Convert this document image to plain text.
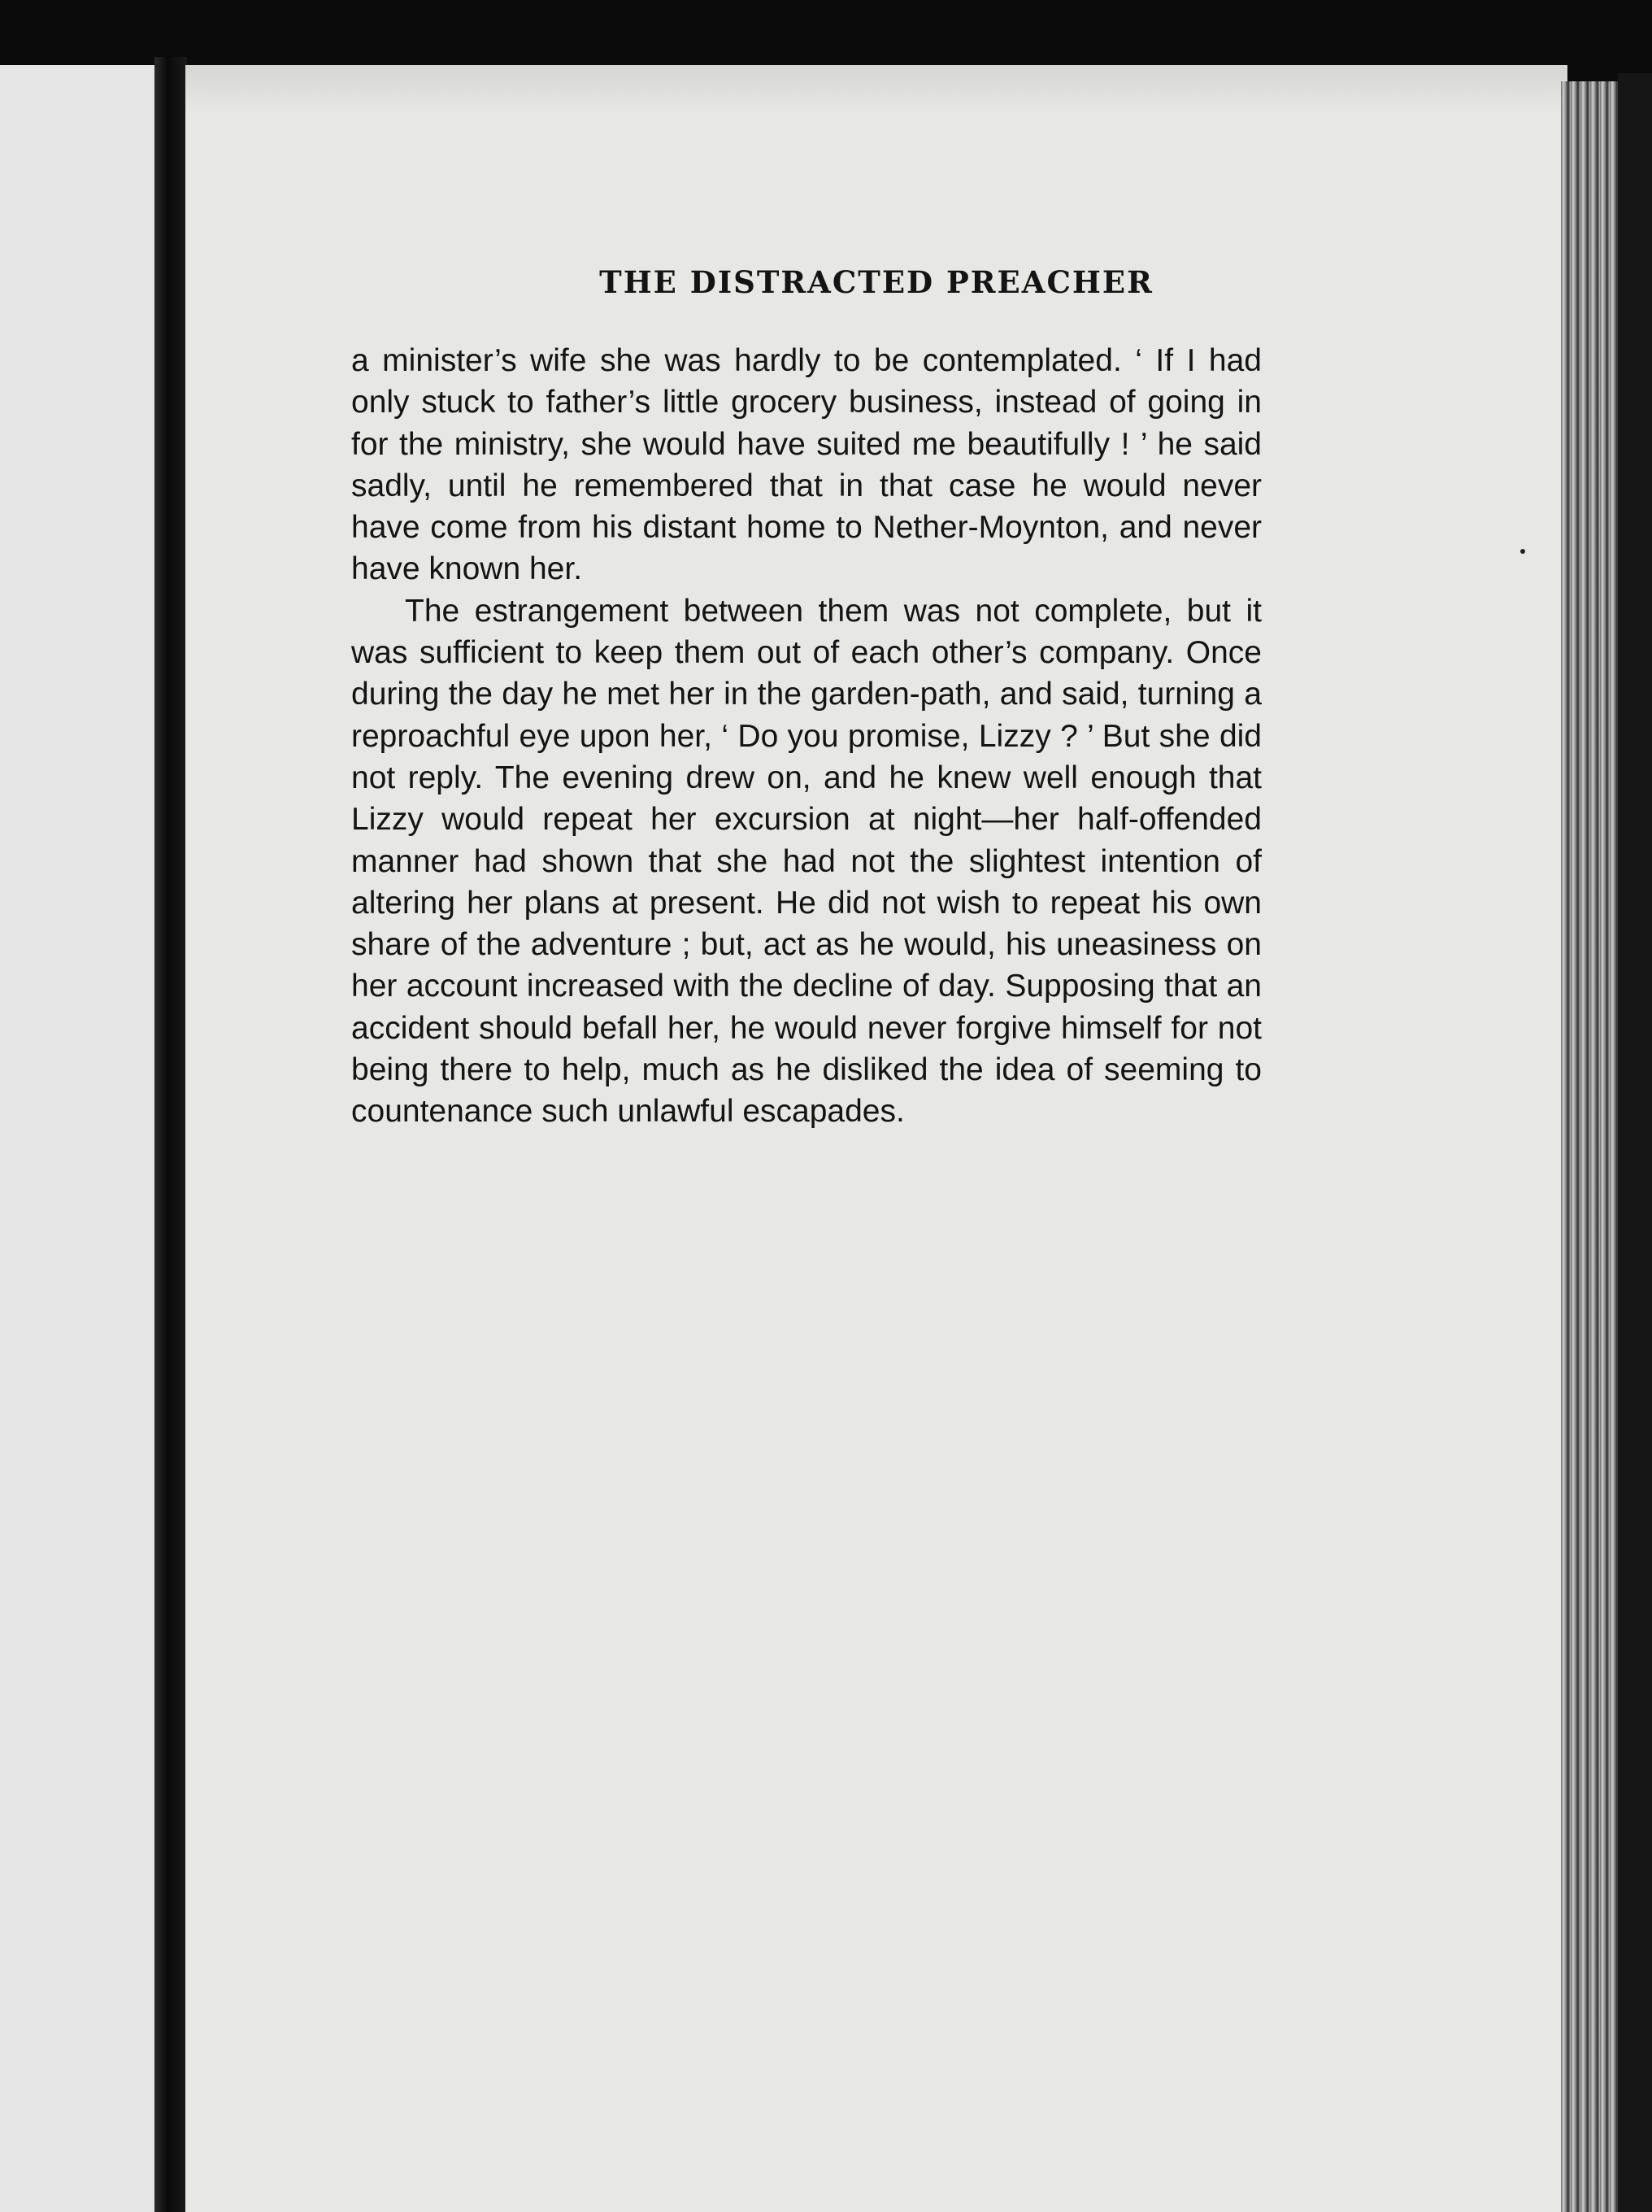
THE DISTRACTED PREACHER

a minister’s wife she was hardly to be contemplated. ‘ If I had only stuck to father’s little grocery business, instead of going in for the ministry, she would have suited me beautifully ! ’ he said sadly, until he remembered that in that case he would never have come from his distant home to Nether-Moynton, and never have known her.

The estrangement between them was not complete, but it was sufficient to keep them out of each other’s company. Once during the day he met her in the garden-path, and said, turning a reproachful eye upon her, ‘ Do you promise, Lizzy ? ’ But she did not reply. The evening drew on, and he knew well enough that Lizzy would repeat her excursion at night—her half-offended manner had shown that she had not the slightest intention of altering her plans at present. He did not wish to repeat his own share of the adventure ; but, act as he would, his uneasiness on her account increased with the decline of day. Supposing that an accident should befall her, he would never forgive himself for not being there to help, much as he disliked the idea of seeming to countenance such unlawful escapades.
